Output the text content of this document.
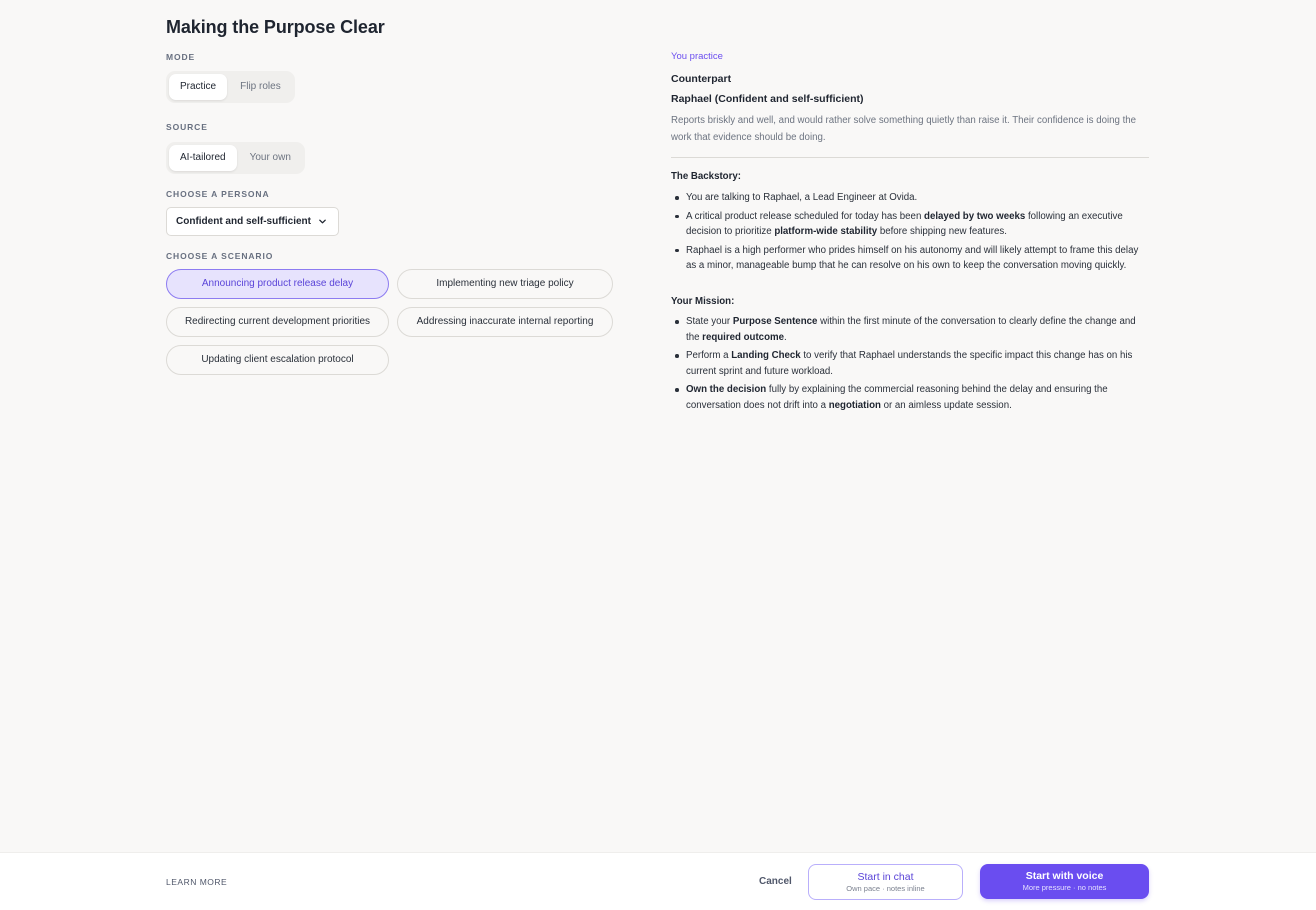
Making the Purpose Clear
MODE
Practice	Flip roles
SOURCE
AI-tailored	Your own
CHOOSE A PERSONA
Confident and self-sufficient
CHOOSE A SCENARIO
Announcing product release delay	Implementing new triage policy
Redirecting current development priorities	Addressing inaccurate internal reporting
Updating client escalation protocol
You practice
Counterpart
Raphael (Confident and self-sufficient)

Reports briskly and well, and would rather solve something quietly than raise it. Their confidence is doing the work that evidence should be doing.

The Backstory:
You are talking to Raphael, a Lead Engineer at Ovida.
A critical product release scheduled for today has been delayed by two weeks following an executive decision to prioritize platform-wide stability before shipping new features.
Raphael is a high performer who prides himself on his autonomy and will likely attempt to frame this delay as a minor, manageable bump that he can resolve on his own to keep the conversation moving quickly.
Your Mission:
State your Purpose Sentence within the first minute of the conversation to clearly define the change and the required outcome.
Perform a Landing Check to verify that Raphael understands the specific impact this change has on his current sprint and future workload.
Own the decision fully by explaining the commercial reasoning behind the delay and ensuring the conversation does not drift into a negotiation or an aimless update session.
LEARN MORE	Cancel	Start in chat
Own pace · notes inline
Start with voice
More pressure · no notes
